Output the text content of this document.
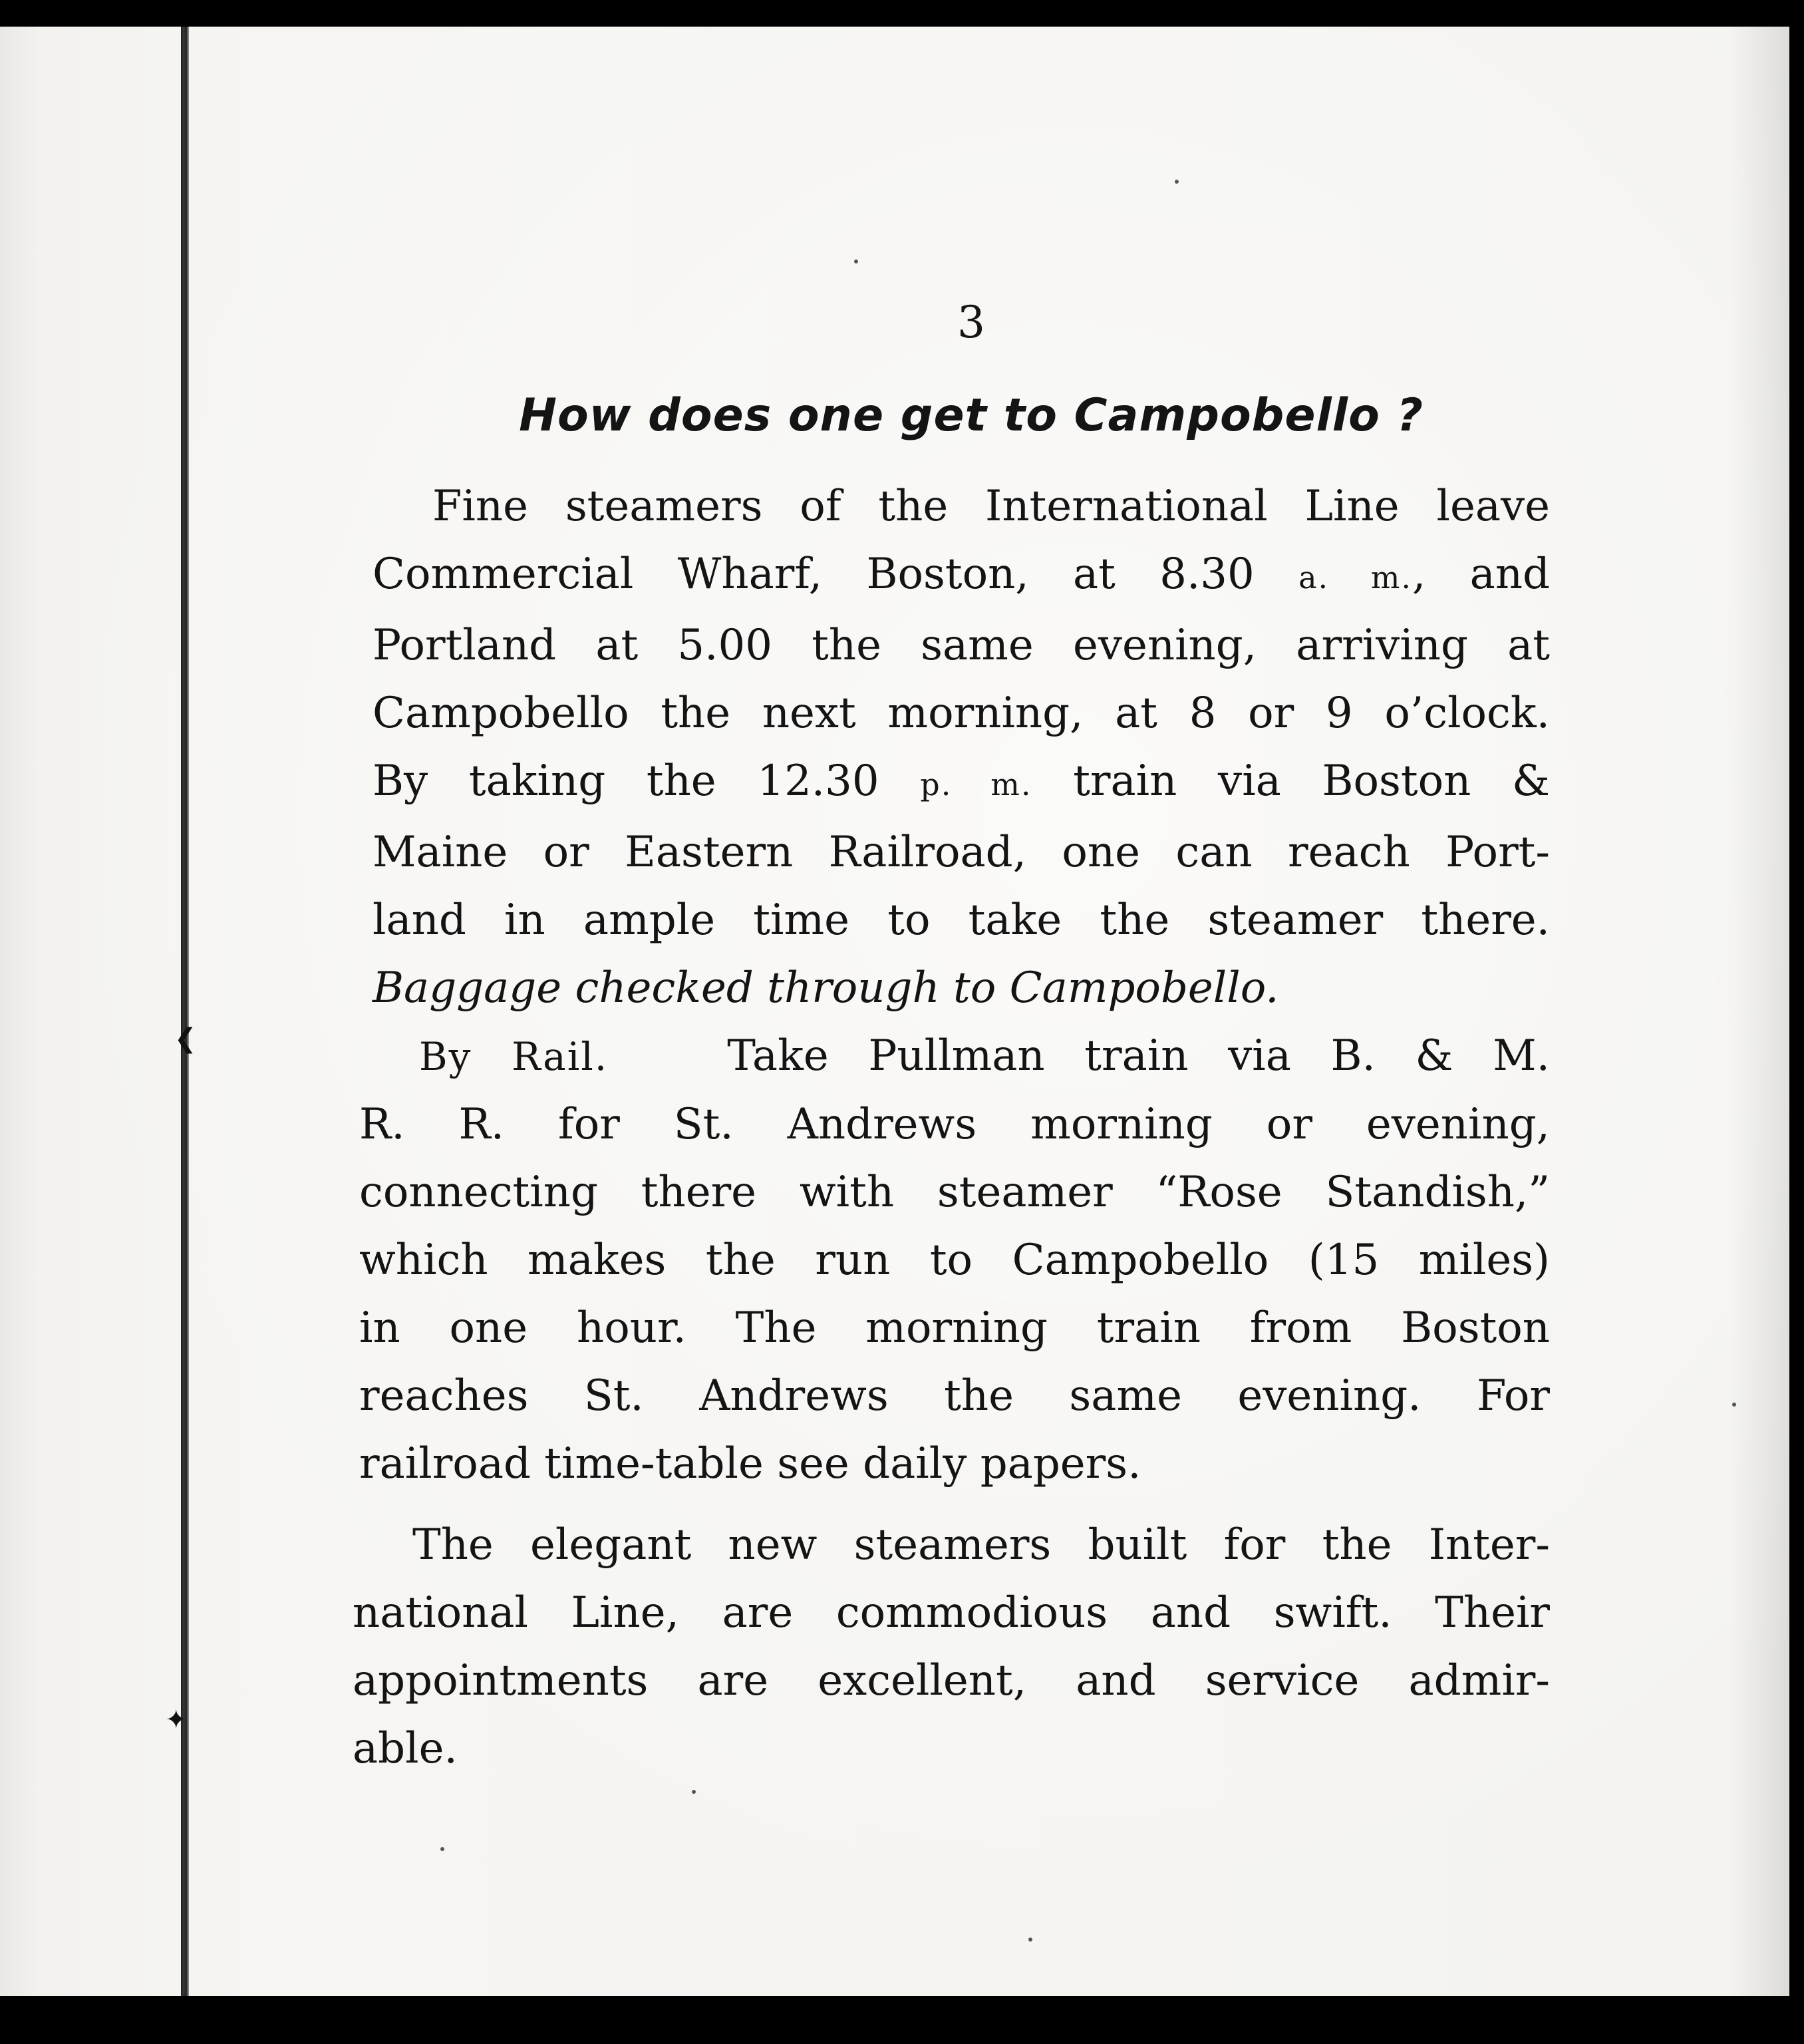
❮
✦
3
How does one get to Campobello ?
Fine steamers of the International Line leave
Commercial Wharf, Boston, at 8.30 a. m., and
Portland at 5.00 the same evening, arriving at
Campobello the next morning, at 8 or 9 o’clock.
By taking the 12.30 p. m. train via Boston &
Maine or Eastern Railroad, one can reach Port-
land in ample time to take the steamer there.
Baggage checked through to Campobello.
By Rail.	Take Pullman train via B. & M.
R. R. for St. Andrews morning or evening,
connecting there with steamer “Rose Standish,”
which makes the run to Campobello (15 miles)
in one hour. The morning train from Boston
reaches St. Andrews the same evening. For
railroad time-table see daily papers.
The elegant new steamers built for the Inter-
national Line, are commodious and swift. Their
appointments are excellent, and service admir-
able.
